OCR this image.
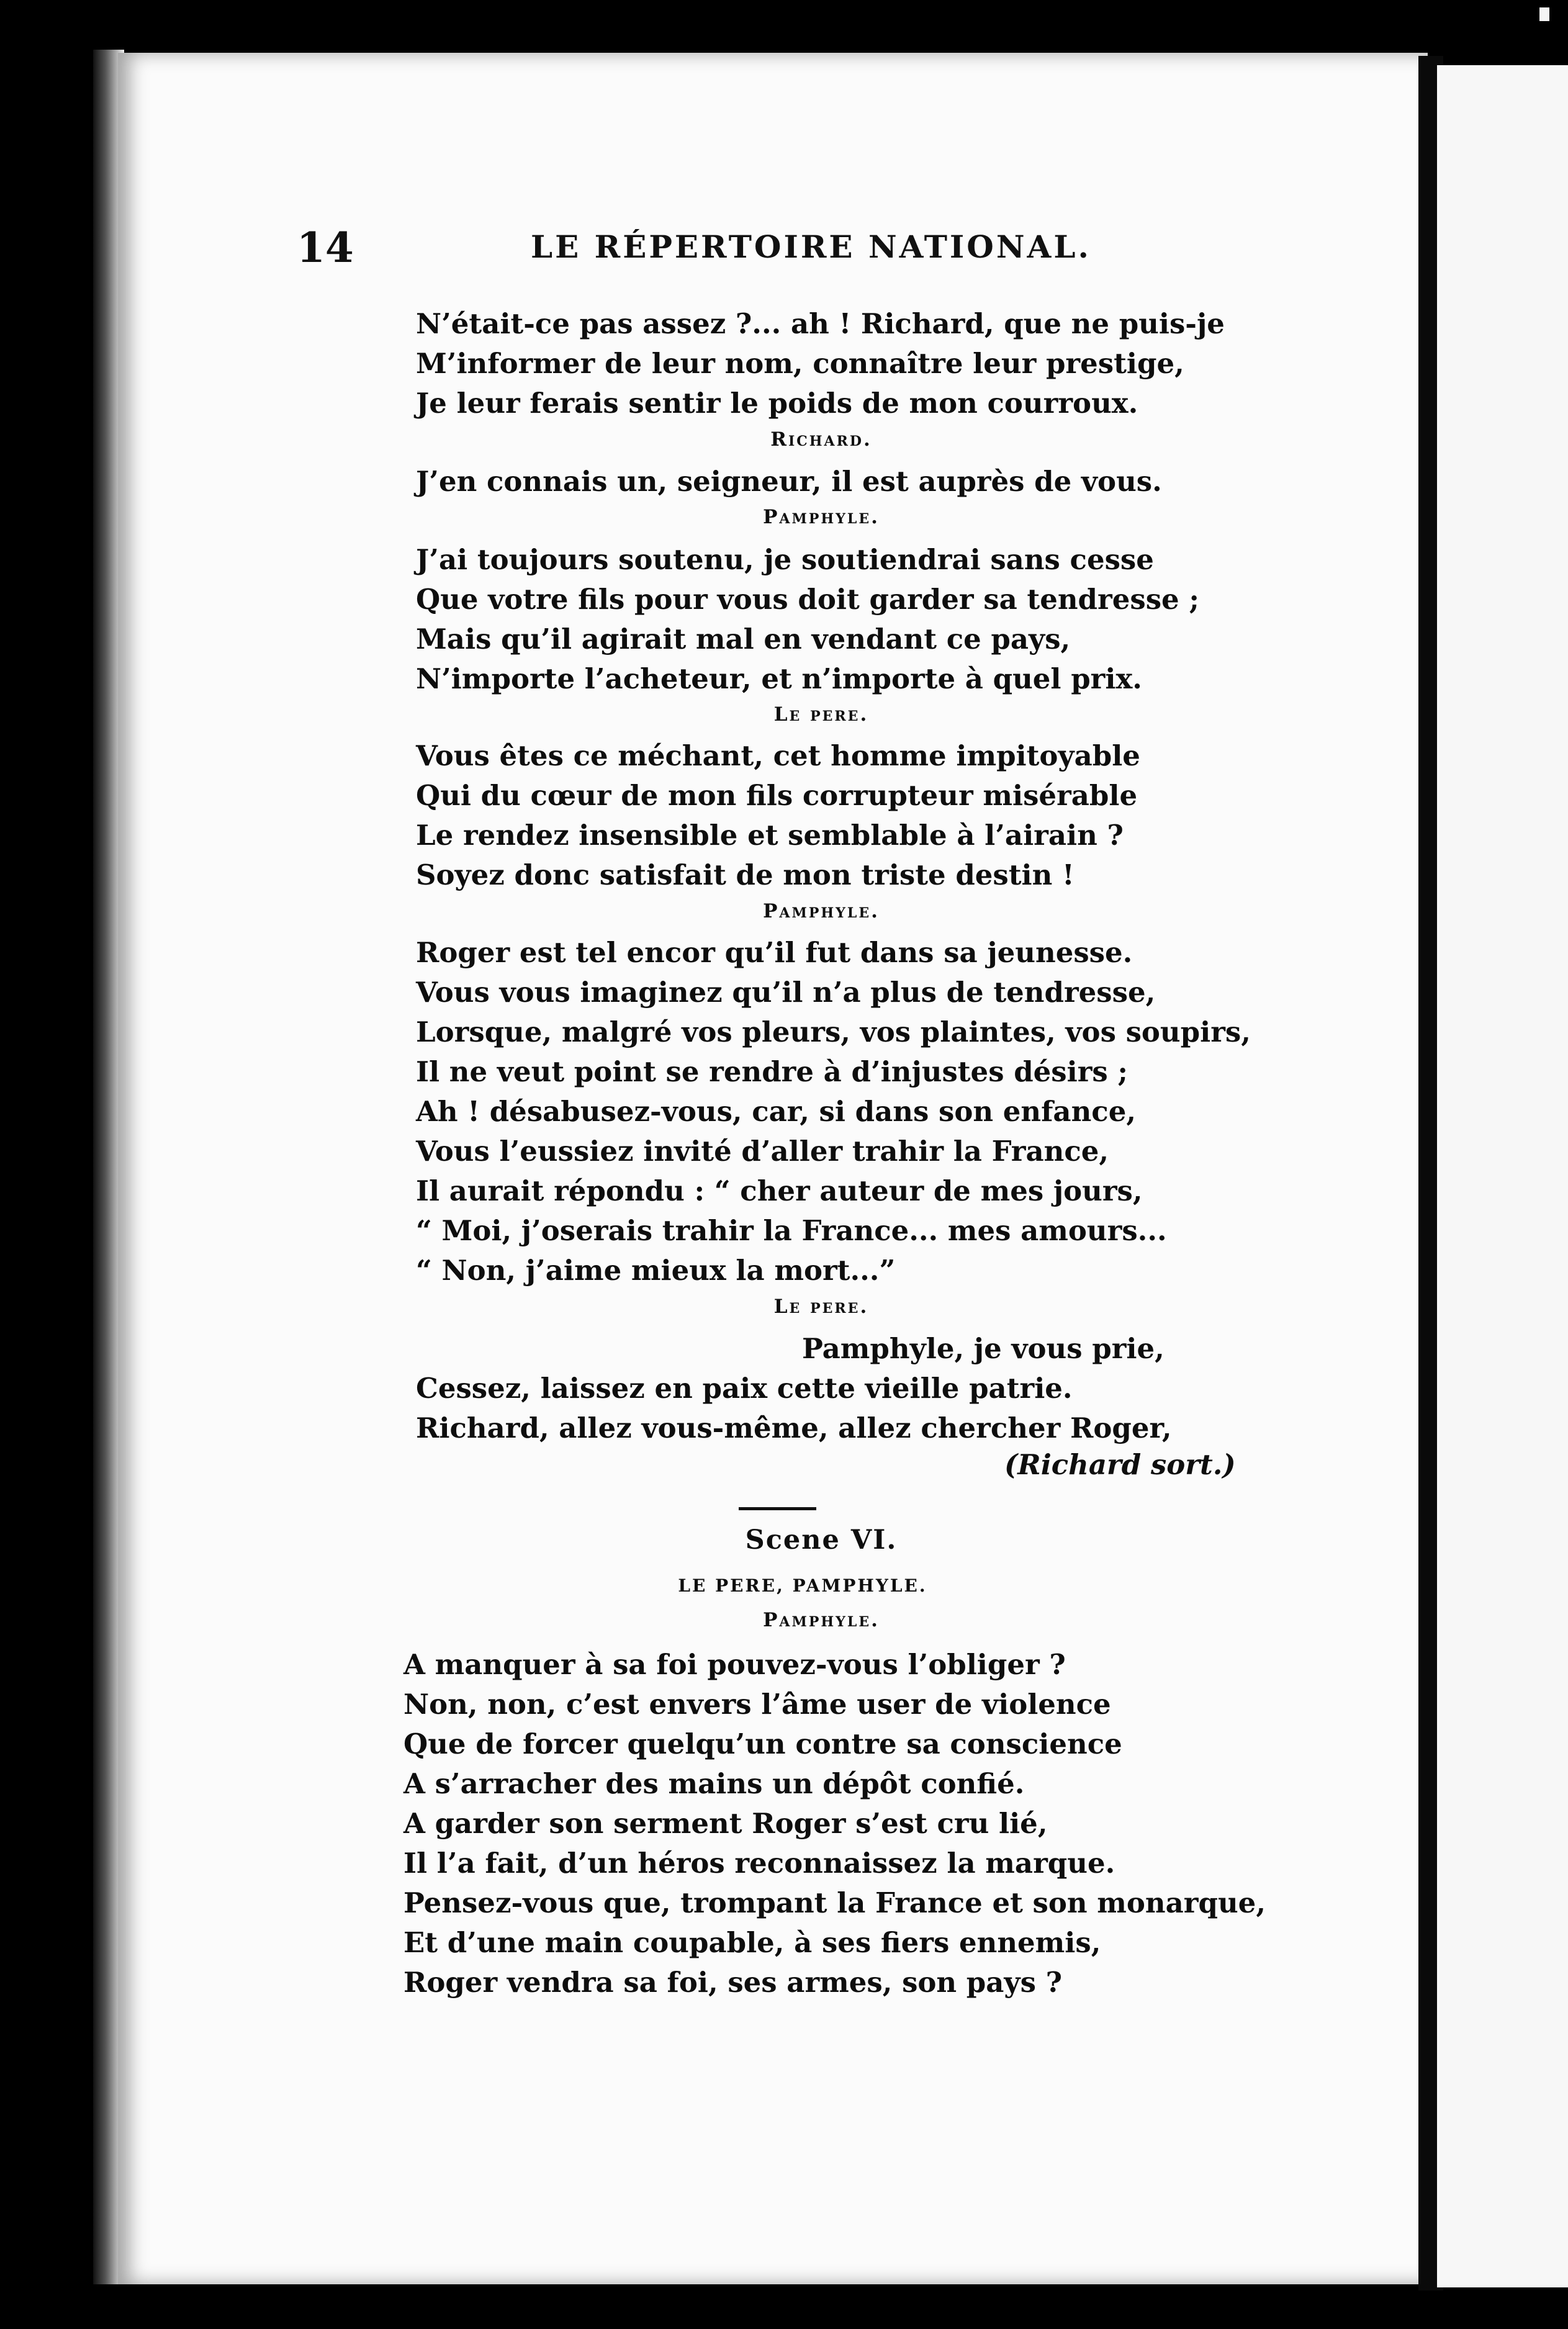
14	LE RÉPERTOIRE NATIONAL.
N’était-ce pas assez ?... ah ! Richard, que ne puis-je
M’informer de leur nom, connaître leur prestige,
Je leur ferais sentir le poids de mon courroux.
Richard.
J’en connais un, seigneur, il est auprès de vous.
Pamphyle.
J’ai toujours soutenu, je soutiendrai sans cesse
Que votre fils pour vous doit garder sa tendresse ;
Mais qu’il agirait mal en vendant ce pays,
N’importe l’acheteur, et n’importe à quel prix.
Le pere.
Vous êtes ce méchant, cet homme impitoyable
Qui du cœur de mon fils corrupteur misérable
Le rendez insensible et semblable à l’airain ?
Soyez donc satisfait de mon triste destin !
Pamphyle.
Roger est tel encor qu’il fut dans sa jeunesse.
Vous vous imaginez qu’il n’a plus de tendresse,
Lorsque, malgré vos pleurs, vos plaintes, vos soupirs,
Il ne veut point se rendre à d’injustes désirs ;
Ah ! désabusez-vous, car, si dans son enfance,
Vous l’eussiez invité d’aller trahir la France,
Il aurait répondu : “ cher auteur de mes jours,
“ Moi, j’oserais trahir la France... mes amours...
“ Non, j’aime mieux la mort...”
Le pere.
Pamphyle, je vous prie,
Cessez, laissez en paix cette vieille patrie.
Richard, allez vous-même, allez chercher Roger,
(Richard sort.)
Scene VI.
LE PERE, PAMPHYLE.
Pamphyle.
A manquer à sa foi pouvez-vous l’obliger ?
Non, non, c’est envers l’âme user de violence
Que de forcer quelqu’un contre sa conscience
A s’arracher des mains un dépôt confié.
A garder son serment Roger s’est cru lié,
Il l’a fait, d’un héros reconnaissez la marque.
Pensez-vous que, trompant la France et son monarque,
Et d’une main coupable, à ses fiers ennemis,
Roger vendra sa foi, ses armes, son pays ?
